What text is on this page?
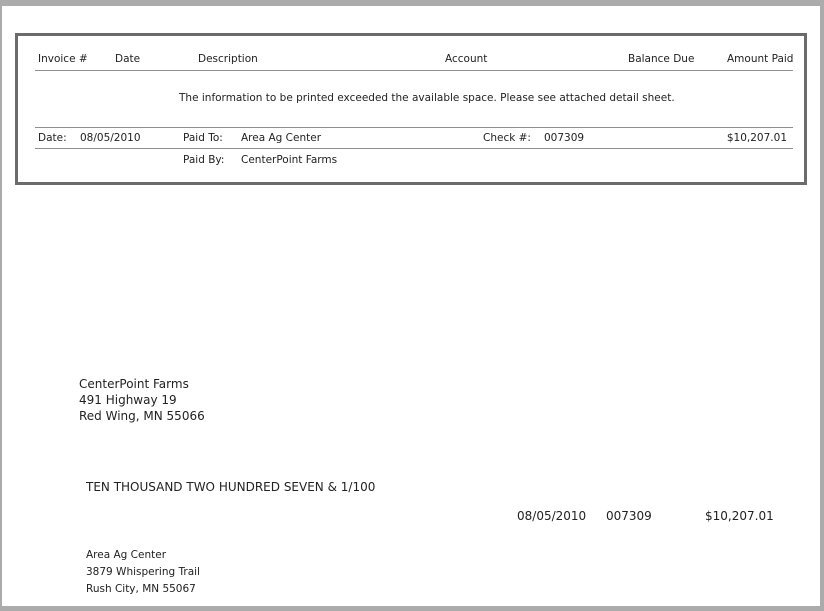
Invoice #	Date	Description	Account	Balance Due	Amount Paid
The information to be printed exceeded the available space. Please see attached detail sheet.
Date: 08/05/2010	Paid To: Area Ag Center	Check #: 007309	$10,207.01
Paid By: CenterPoint Farms
CenterPoint Farms
491 Highway 19
Red Wing, MN 55066
TEN THOUSAND TWO HUNDRED SEVEN & 1/100
08/05/2010 007309	$10,207.01
Area Ag Center
3879 Whispering Trail
Rush City, MN 55067
